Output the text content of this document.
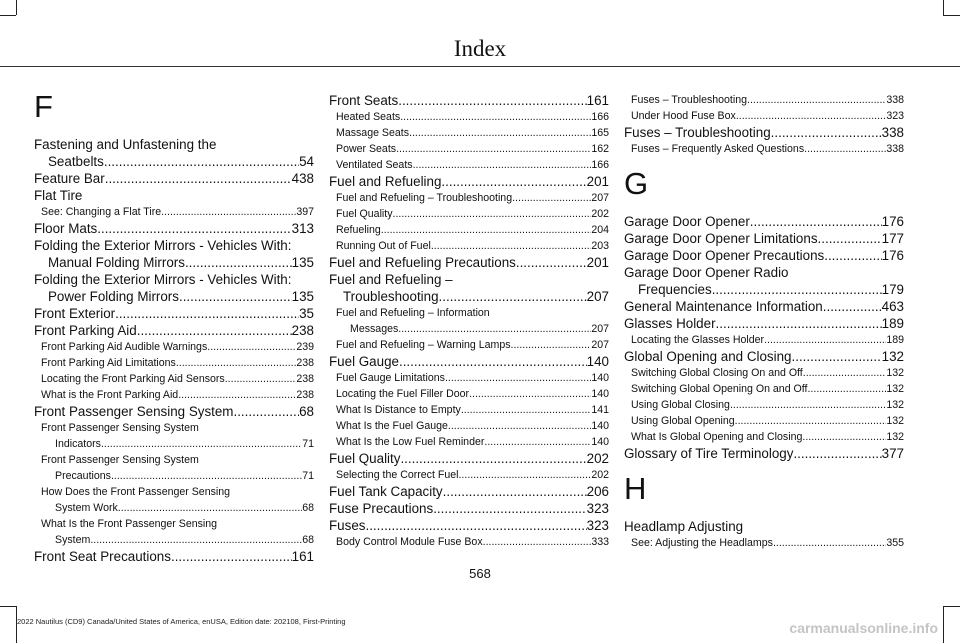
Index
F
Fastening and Unfastening the
Seatbelts .....	54
Feature Bar .....	438
Flat Tire
See: Changing a Flat Tire .....	397
Floor Mats .....	313
Folding the Exterior Mirrors - Vehicles With:
Manual Folding Mirrors .....	135
Folding the Exterior Mirrors - Vehicles With:
Power Folding Mirrors .....	135
Front Exterior .....	35
Front Parking Aid .....	238
Front Parking Aid Audible Warnings .....	239
Front Parking Aid Limitations .....	238
Locating the Front Parking Aid Sensors .....	238
What is the Front Parking Aid .....	238
Front Passenger Sensing System .....	68
Front Passenger Sensing System
Indicators .....	71
Front Passenger Sensing System
Precautions .....	71
How Does the Front Passenger Sensing
System Work .....	68
What Is the Front Passenger Sensing
System .....	68
Front Seat Precautions .....	161
Front Seats .....	161
Heated Seats .....	166
Massage Seats .....	165
Power Seats .....	162
Ventilated Seats .....	166
Fuel and Refueling .....	201
Fuel and Refueling – Troubleshooting .....	207
Fuel Quality .....	202
Refueling .....	204
Running Out of Fuel .....	203
Fuel and Refueling Precautions .....	201
Fuel and Refueling –
Troubleshooting .....	207
Fuel and Refueling – Information
Messages .....	207
Fuel and Refueling – Warning Lamps .....	207
Fuel Gauge .....	140
Fuel Gauge Limitations .....	140
Locating the Fuel Filler Door .....	140
What Is Distance to Empty .....	141
What Is the Fuel Gauge .....	140
What Is the Low Fuel Reminder .....	140
Fuel Quality .....	202
Selecting the Correct Fuel .....	202
Fuel Tank Capacity .....	206
Fuse Precautions .....	323
Fuses .....	323
Body Control Module Fuse Box .....	333
Fuses – Troubleshooting .....	338
Under Hood Fuse Box .....	323
Fuses – Troubleshooting .....	338
Fuses – Frequently Asked Questions .....	338
G
Garage Door Opener .....	176
Garage Door Opener Limitations .....	177
Garage Door Opener Precautions .....	176
Garage Door Opener Radio
Frequencies .....	179
General Maintenance Information .....	463
Glasses Holder .....	189
Locating the Glasses Holder .....	189
Global Opening and Closing .....	132
Switching Global Closing On and Off .....	132
Switching Global Opening On and Off .....	132
Using Global Closing .....	132
Using Global Opening .....	132
What Is Global Opening and Closing .....	132
Glossary of Tire Terminology .....	377
H
Headlamp Adjusting
See: Adjusting the Headlamps .....	355
568
2022 Nautilus (CD9) Canada/United States of America, enUSA, Edition date: 202108, First-Printing	carmanualsonline.info
